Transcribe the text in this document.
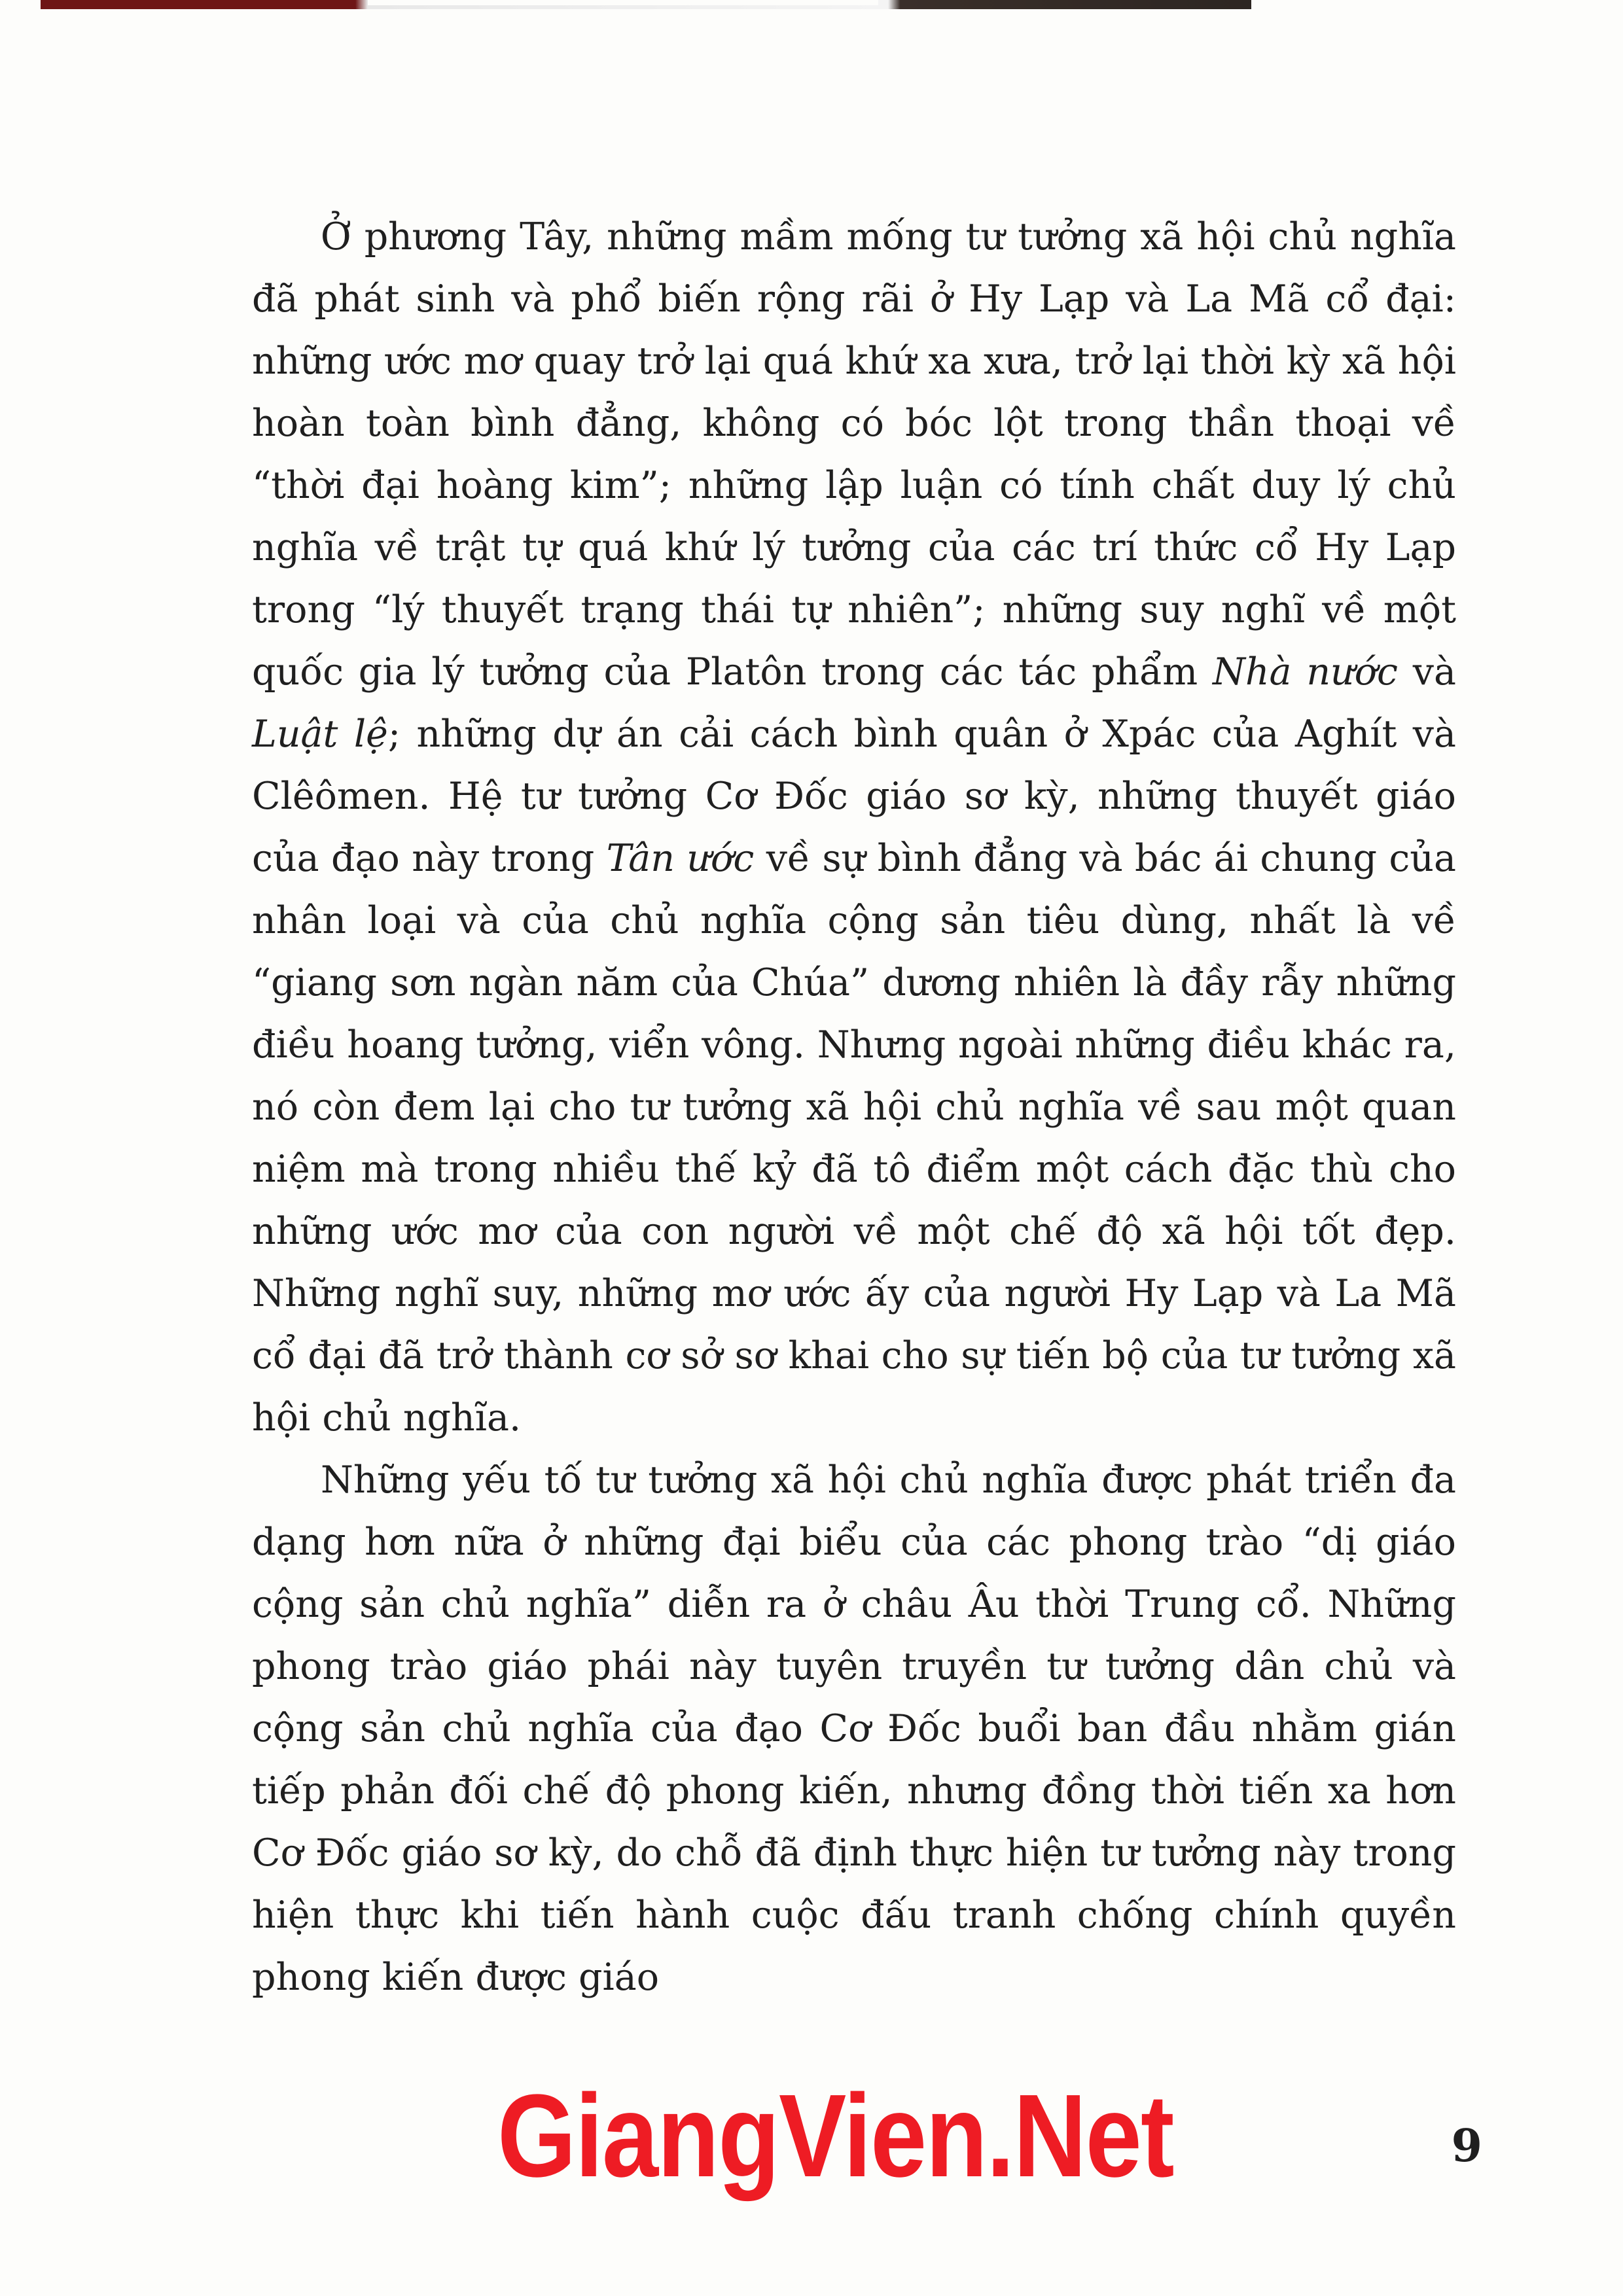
Ở phương Tây, những mầm mống tư tưởng xã hội chủ nghĩa đã phát sinh và phổ biến rộng rãi ở Hy Lạp và La Mã cổ đại: những ước mơ quay trở lại quá khứ xa xưa, trở lại thời kỳ xã hội hoàn toàn bình đẳng, không có bóc lột trong thần thoại về “thời đại hoàng kim”; những lập luận có tính chất duy lý chủ nghĩa về trật tự quá khứ lý tưởng của các trí thức cổ Hy Lạp trong “lý thuyết trạng thái tự nhiên”; những suy nghĩ về một quốc gia lý tưởng của Platôn trong các tác phẩm Nhà nước và Luật lệ; những dự án cải cách bình quân ở Xpác của Aghít và Clêômen. Hệ tư tưởng Cơ Đốc giáo sơ kỳ, những thuyết giáo của đạo này trong Tân ước về sự bình đẳng và bác ái chung của nhân loại và của chủ nghĩa cộng sản tiêu dùng, nhất là về “giang sơn ngàn năm của Chúa” dương nhiên là đầy rẫy những điều hoang tưởng, viển vông. Nhưng ngoài những điều khác ra, nó còn đem lại cho tư tưởng xã hội chủ nghĩa về sau một quan niệm mà trong nhiều thế kỷ đã tô điểm một cách đặc thù cho những ước mơ của con người về một chế độ xã hội tốt đẹp. Những nghĩ suy, những mơ ước ấy của người Hy Lạp và La Mã cổ đại đã trở thành cơ sở sơ khai cho sự tiến bộ của tư tưởng xã hội chủ nghĩa.

Những yếu tố tư tưởng xã hội chủ nghĩa được phát triển đa dạng hơn nữa ở những đại biểu của các phong trào “dị giáo cộng sản chủ nghĩa” diễn ra ở châu Âu thời Trung cổ. Những phong trào giáo phái này tuyên truyền tư tưởng dân chủ và cộng sản chủ nghĩa của đạo Cơ Đốc buổi ban đầu nhằm gián tiếp phản đối chế độ phong kiến, nhưng đồng thời tiến xa hơn Cơ Đốc giáo sơ kỳ, do chỗ đã định thực hiện tư tưởng này trong hiện thực khi tiến hành cuộc đấu tranh chống chính quyền phong kiến được giáo

GiangVien.Net	9
